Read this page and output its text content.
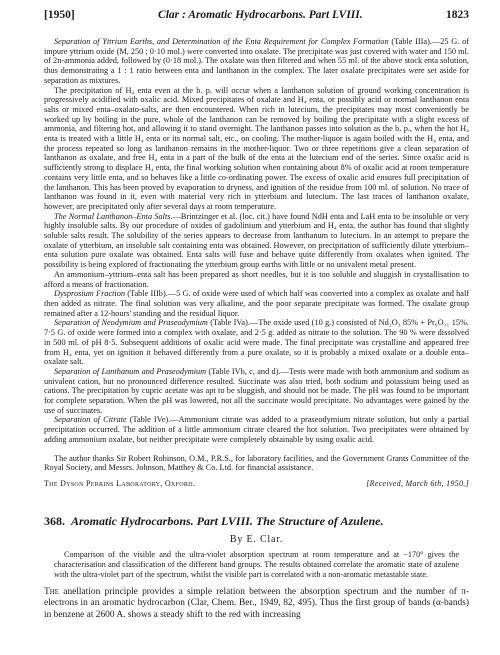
[1950]	Clar : Aromatic Hydrocarbons. Part LVIII.	1823

Separation of Yttrium Earths, and Determination of the Enta Requirement for Complex Formation (Table IIIa).—25 G. of impure yttrium oxide (M, 250 ; 0·10 mol.) were converted into oxalate. The precipitate was just covered with water and 150 ml. of 2n-ammonia added, followed by (0·18 mol.). The oxalate was then filtered and when 55 ml. of the above stock enta solution, thus demonstrating a 1 : 1 ratio between enta and lanthanon in the complex. The later oxalate precipitates were set aside for separation as mixtures.

The precipitation of H₄ enta even at the b. p. will occur when a lanthanon solution of ground working concentration is progressively acidified with oxalic acid. Mixed precipitates of oxalate and H₄ enta, or possibly acid or normal lanthanon enta salts or mixed enta–oxalato-salts, are then encountered. When rich in lutecium, the precipitates may most conveniently be worked up by boiling in the pure, whole of the lanthanon can be removed by boiling the precipitate with a slight excess of ammonia, and filtering hot, and allowing it to stand overnight. The lanthanon passes into solution as the b. p., when the hot H₄ enta is treated with a little H₄ enta or its normal salt, etc., on cooling. The mother-liquor is again boiled with the H₄ enta, and the process repeated so long as lanthanon remains in the mother-liquor. Two or three repetitions give a clean separation of lanthanon as oxalate, and free H₄ enta in a part of the bulk of the enta at the lutecium end of the series. Since oxalic acid is sufficiently strong to displace H₄ enta, the final working solution when containing about 8% of oxalic acid at room temperature contains very little enta, and so behaves like a little co-ordinating power. The excess of oxalic acid ensures full precipitation of the lanthanon. This has been proved by evaporation to dryness, and ignition of the residue from 100 ml. of solution. No trace of lanthanon was found in it, even with material very rich in ytterbium and lutecium. The last traces of lanthanon oxalate, however, are precipitated only after several days at room temperature.

The Normal Lanthanon–Enta Salts.—Brintzinger et al. (loc. cit.) have found NdH enta and LaH enta to be insoluble or very highly insoluble salts. By our procedure of oxides of gadolinium and ytterbium and H₄ enta, the author has found that slightly soluble salts result. The solubility of the series appears to decrease from lanthanum to lutecium. In an attempt to prepare the oxalate of ytterbium, an insoluble salt containing enta was obtained. However, on precipitation of sufficiently dilute ytterbium–enta solution pure oxalate was obtained. Enta salts will fuse and behave quite differently from oxalates when ignited. The possibility is being explored of fractionating the ytterbium group earths with little or no univalent metal present.

An ammonium–yttrium–enta salt has been prepared as short needles, but it is too soluble and sluggish in crystallisation to afford a means of fractionation.

Dysprosium Fraction (Table IIIb).—5 G. of oxide were used of which half was converted into a complex as oxalate and half then added as nitrate. The final solution was very alkaline, and the poor separate precipitate was formed. The oxalate group remained after a 12-hours' standing and the residual liquor.

Separation of Neodymium and Praseodymium (Table IVa).—The oxide used (10 g.) consisted of Nd₂O₃ 85% + Pr₆O₁₁ 15%. 7·5 G. of oxide were formed into a complex with oxalate, and 2·5 g. added as nitrate to the solution. The 90 % were dissolved in 500 ml. of pH 8·5. Subsequent additions of oxalic acid were made. The final precipitate was crystalline and appeared free from H₄ enta, yet on ignition it behaved differently from a pure oxalate, so it is probably a mixed oxalate or a double enta–oxalate salt.

Separation of Lanthanum and Praseodymium (Table IVb, c, and d).—Tests were made with both ammonium and sodium as univalent cation, but no pronounced difference resulted. Succinate was also tried, both sodium and potassium being used as cations. The precipitation by cupric acetate was apt to be sluggish, and should not be made. The pH was found to be important for complete separation. When the pH was lowered, not all the succinate would precipitate. No advantages were gained by the use of succinates.

Separation of Citrate (Table IVe).—Ammonium citrate was added to a praseodymium nitrate solution, but only a partial precipitation occurred. The addition of a little ammonium citrate cleared the hot solution. Two precipitates were obtained by adding ammonium oxalate, but neither precipitate were completely obtainable by using oxalic acid.

The author thanks Sir Robert Robinson, O.M., P.R.S., for laboratory facilities, and the Government Grants Committee of the Royal Society, and Messrs. Johnson, Matthey & Co. Ltd. for financial assistance.

The Dyson Perrins Laboratory, Oxford.	[Received, March 6th, 1950.]
368. Aromatic Hydrocarbons. Part LVIII. The Structure of Azulene.
By E. Clar.

Comparison of the visible and the ultra-violet absorption spectrum at room temperature and at −170° gives the characterisation and classification of the different band groups. The results obtained correlate the aromatic state of azulene with the ultra-violet part of the spectrum, whilst the visible part is correlated with a non-aromatic metastable state.

The anellation principle provides a simple relation between the absorption spectrum and the number of π-electrons in an aromatic hydrocarbon (Clar, Chem. Ber., 1949, 82, 495). Thus the first group of bands (α-bands) in benzene at 2600 A. shows a steady shift to the red with increasing
